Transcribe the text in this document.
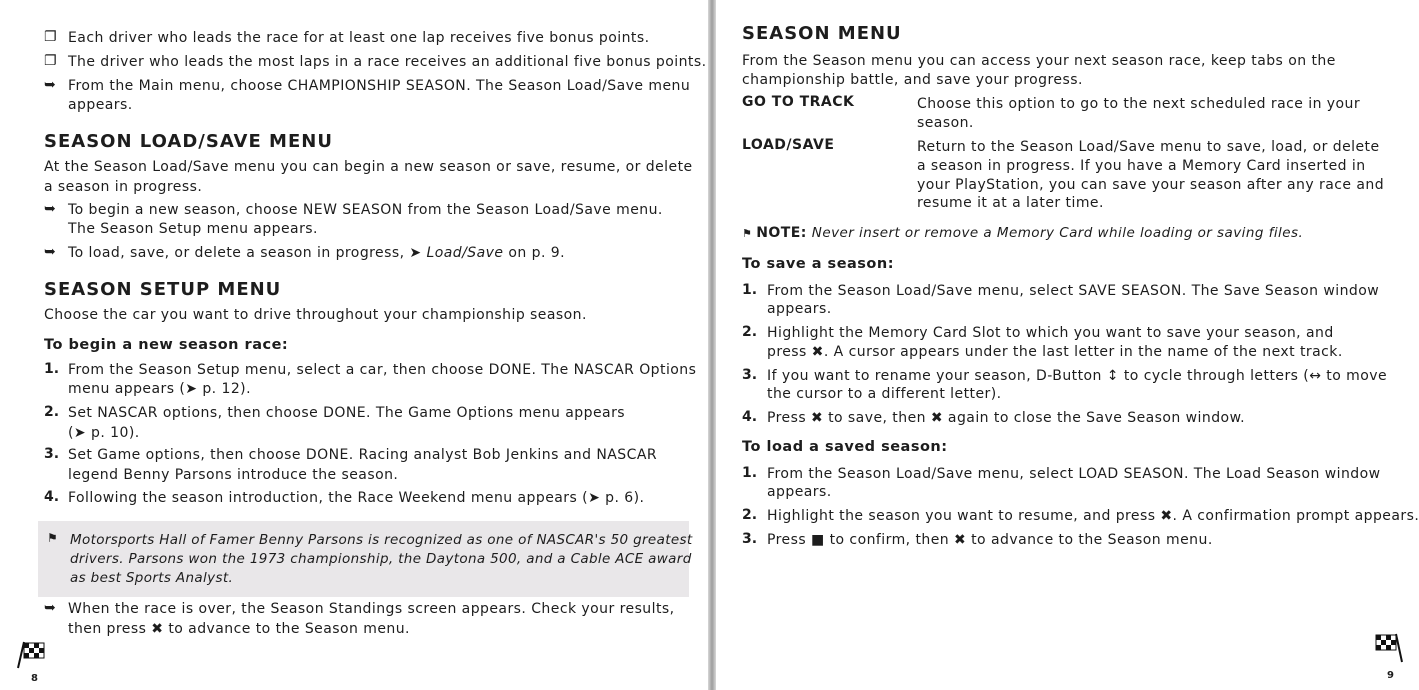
❐ Each driver who leads the race for at least one lap receives five bonus points.

❐ The driver who leads the most laps in a race receives an additional five bonus points.

➥ From the Main menu, choose CHAMPIONSHIP SEASON. The Season Load/Save menu

appears.

SEASON LOAD/SAVE MENU

At the Season Load/Save menu you can begin a new season or save, resume, or delete

a season in progress.

➥ To begin a new season, choose NEW SEASON from the Season Load/Save menu.

The Season Setup menu appears.

➥ To load, save, or delete a season in progress, ➤ Load/Save on p. 9.

SEASON SETUP MENU

Choose the car you want to drive throughout your championship season.

To begin a new season race:
1. From the Season Setup menu, select a car, then choose DONE. The NASCAR Options

menu appears (➤ p. 12).

2. Set NASCAR options, then choose DONE. The Game Options menu appears

(➤ p. 10).

3. Set Game options, then choose DONE. Racing analyst Bob Jenkins and NASCAR

legend Benny Parsons introduce the season.

4. Following the season introduction, the Race Weekend menu appears (➤ p. 6).

⚑ Motorsports Hall of Famer Benny Parsons is recognized as one of NASCAR's 50 greatest

drivers. Parsons won the 1973 championship, the Daytona 500, and a Cable ACE award

as best Sports Analyst.

➥ When the race is over, the Season Standings screen appears. Check your results,

then press ✖ to advance to the Season menu.

8
SEASON MENU

From the Season menu you can access your next season race, keep tabs on the

championship battle, and save your progress.

GO TO TRACK	Choose this option to go to the next scheduled race in your

season.

LOAD/SAVE	Return to the Season Load/Save menu to save, load, or delete

a season in progress. If you have a Memory Card inserted in

your PlayStation, you can save your season after any race and

resume it at a later time.

⚑ NOTE: Never insert or remove a Memory Card while loading or saving files.

To save a season:
1. From the Season Load/Save menu, select SAVE SEASON. The Save Season window

appears.

2. Highlight the Memory Card Slot to which you want to save your season, and

press ✖. A cursor appears under the last letter in the name of the next track.

3. If you want to rename your season, D-Button ↕ to cycle through letters (↔ to move

the cursor to a different letter).

4. Press ✖ to save, then ✖ again to close the Save Season window.

To load a saved season:
1. From the Season Load/Save menu, select LOAD SEASON. The Load Season window

appears.

2. Highlight the season you want to resume, and press ✖. A confirmation prompt appears.

3. Press ■ to confirm, then ✖ to advance to the Season menu.

9
